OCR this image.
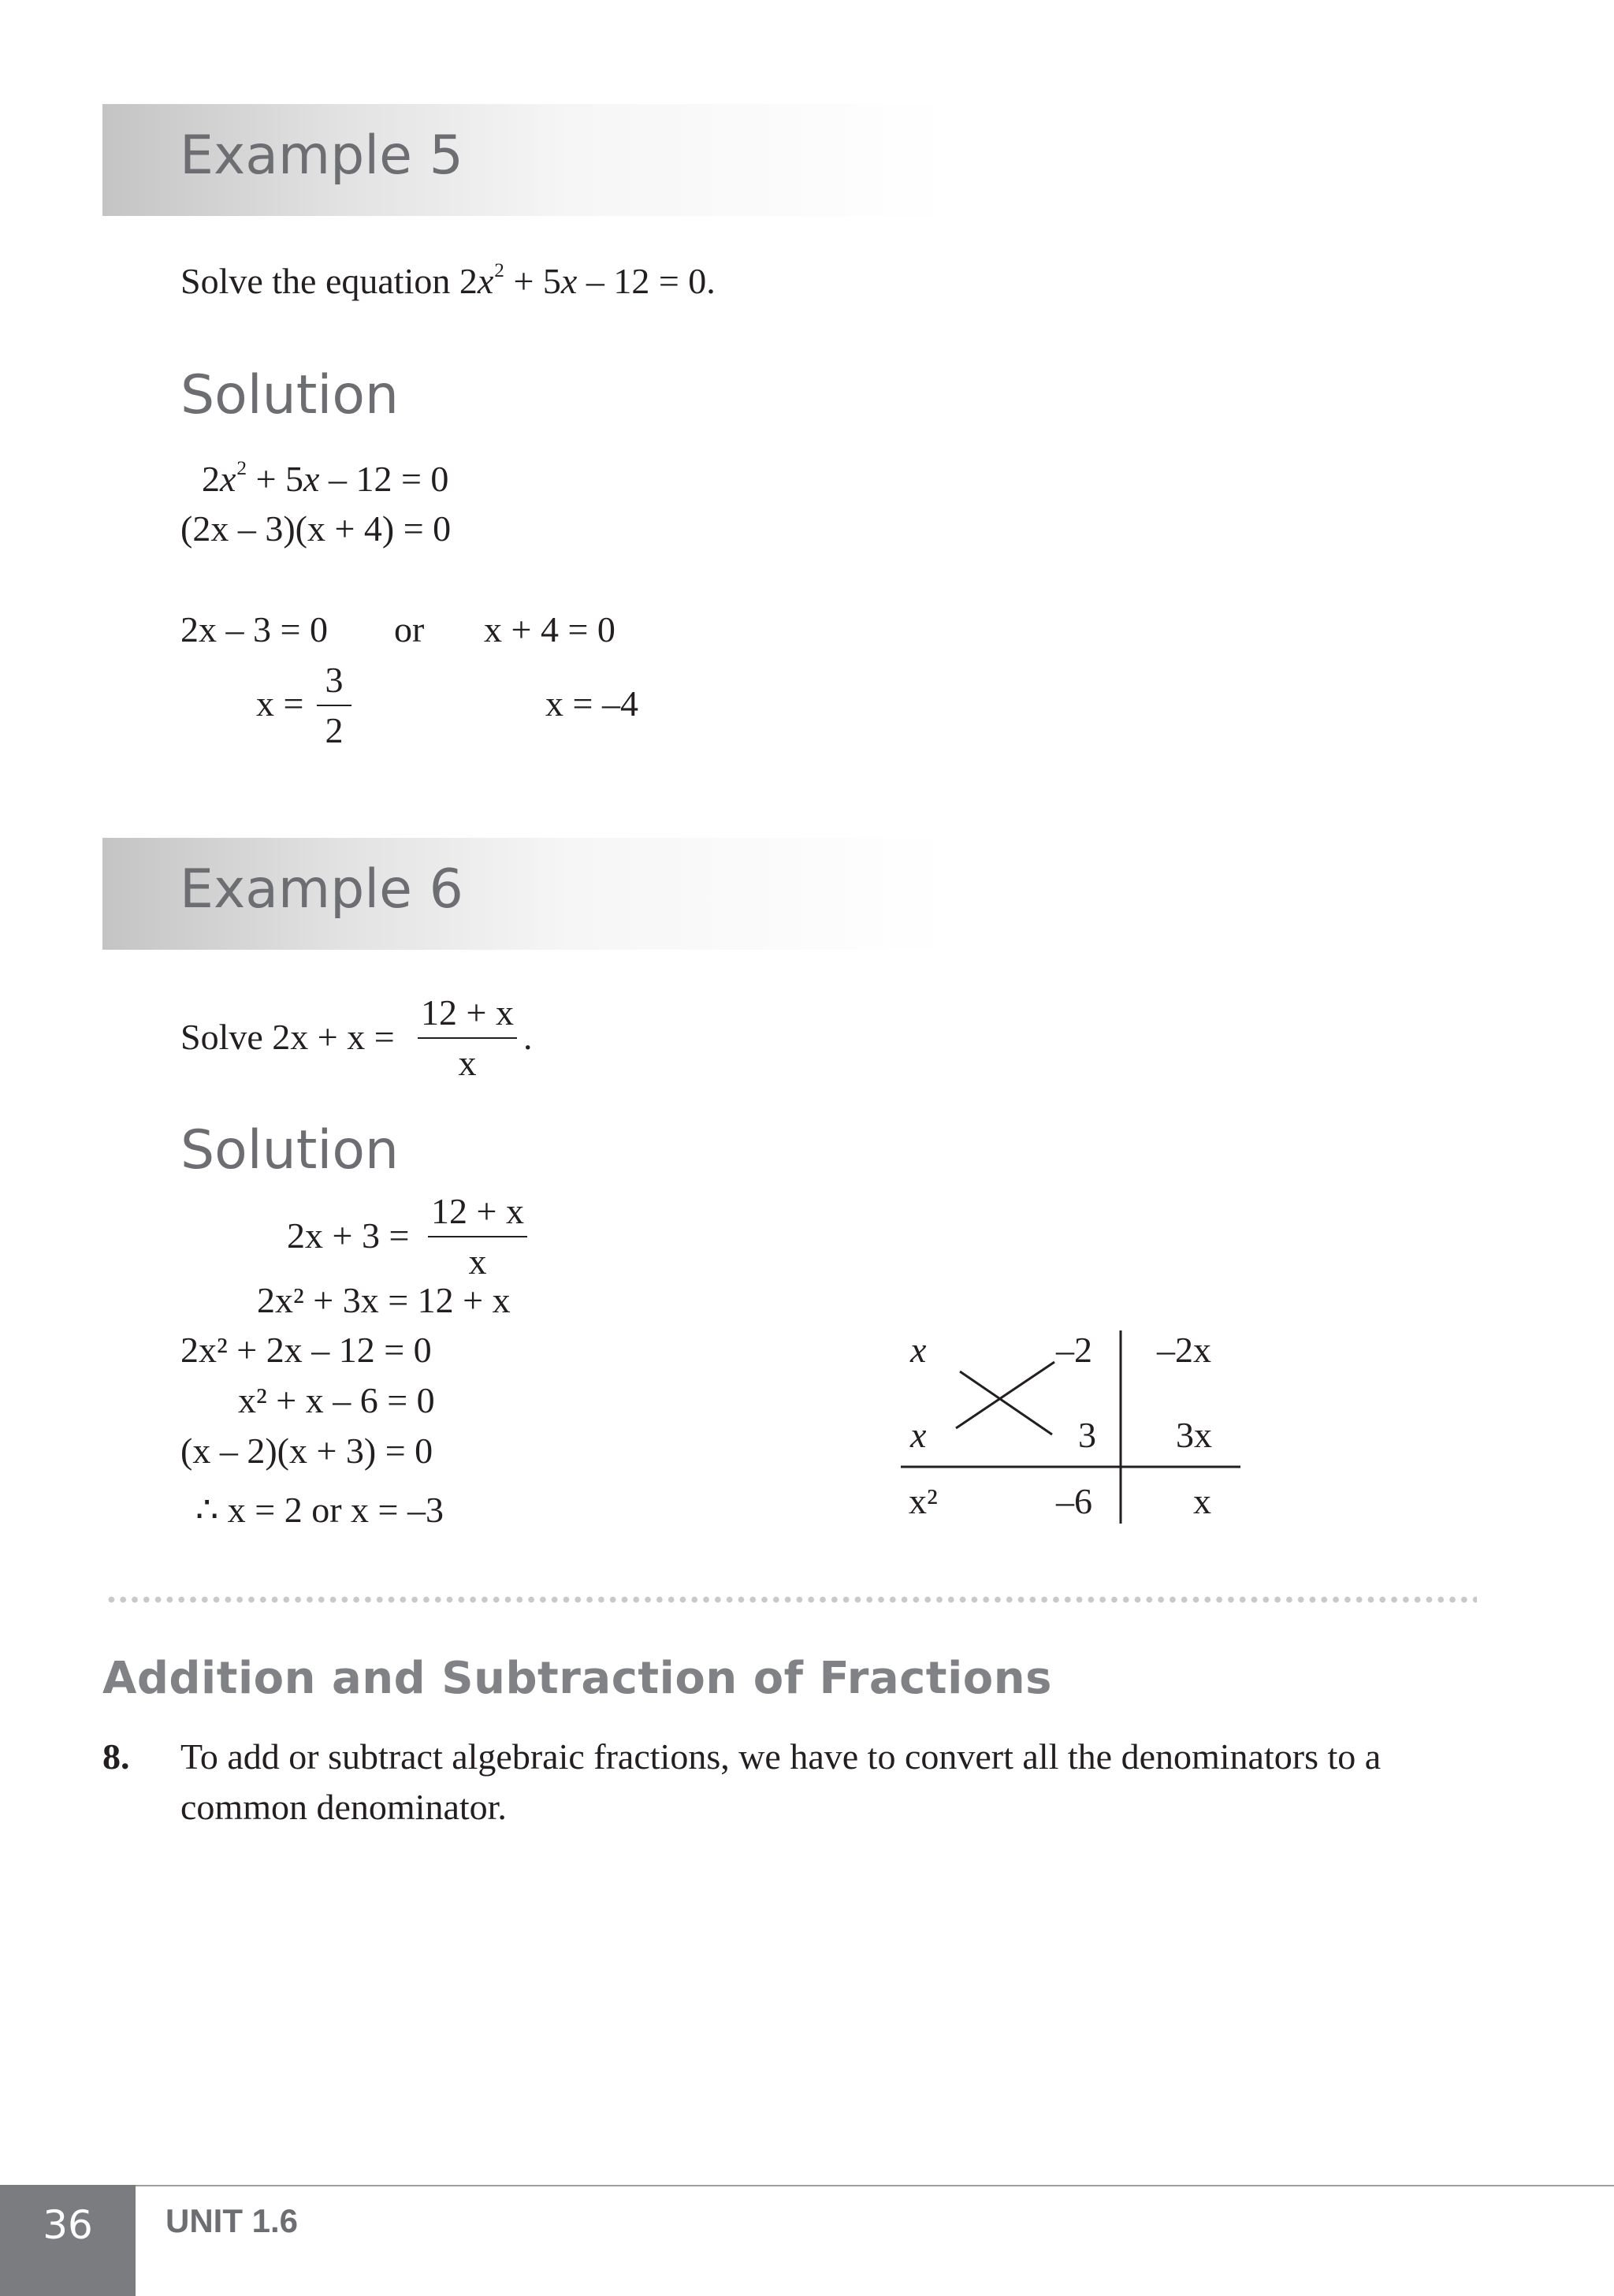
Example 5
Solve the equation $2x^2 + 5x - 12 = 0$.
Solution
$2x^2 + 5x - 12 = 0$
(2x – 3)(x + 4) = 0
2x – 3 = 0 or x + 4 = 0
x =
3
2
x = –4
Example 6
Solve 2x + x =
12 + x
x
.
Solution
2x + 3 =
12 + x
x
2x² + 3x = 12 + x
2x² + 2x – 12 = 0
x² + x – 6 = 0
(x – 2)(x + 3) = 0
∴ x = 2 or x = –3
x	–2 –2x
x	3 3x
x²	–6	x
Addition and Subtraction of Fractions
8. To add or subtract algebraic fractions, we have to convert all the denominators to a
common denominator.
36	UNIT 1.6
